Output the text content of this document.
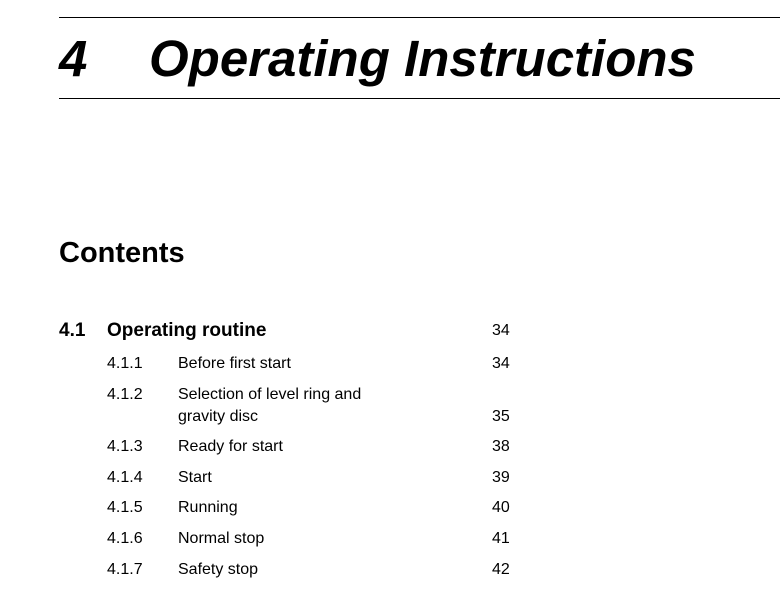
4 Operating Instructions
Contents
4.1 Operating routine	34
4.1.1 Before first start	34
4.1.2 Selection of level ring and
gravity disc	35
4.1.3 Ready for start	38
4.1.4 Start	39
4.1.5 Running	40
4.1.6 Normal stop	41
4.1.7 Safety stop	42
